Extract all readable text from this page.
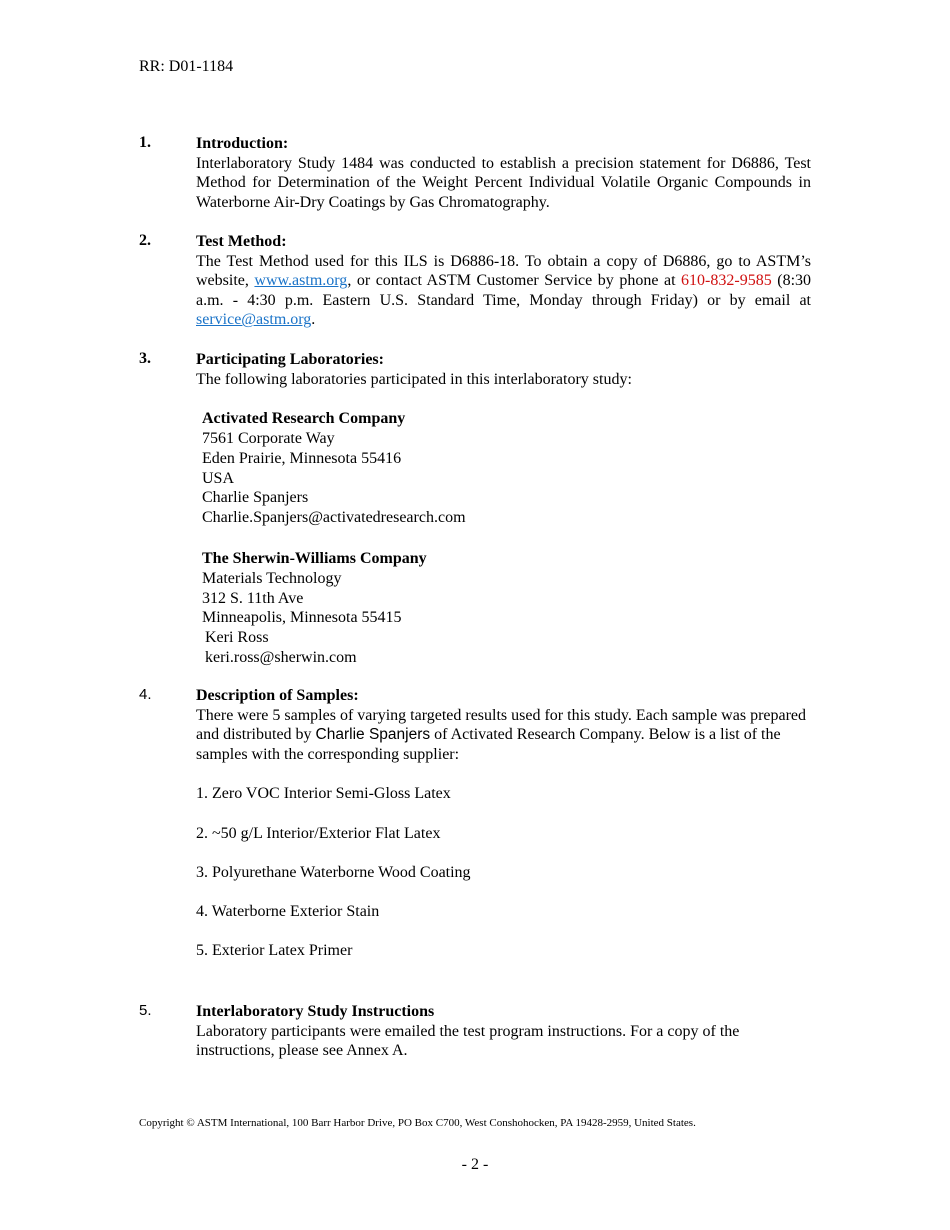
RR: D01-1184
1.	Introduction:
Interlaboratory Study 1484 was conducted to establish a precision statement for D6886, Test Method for Determination of the Weight Percent Individual Volatile Organic Compounds in Waterborne Air-Dry Coatings by Gas Chromatography.
2.	Test Method:
The Test Method used for this ILS is D6886-18. To obtain a copy of D6886, go to ASTM’s website, www.astm.org, or contact ASTM Customer Service by phone at 610-832-9585 (8:30 a.m. - 4:30 p.m. Eastern U.S. Standard Time, Monday through Friday) or by email at service@astm.org.
3.	Participating Laboratories:
The following laboratories participated in this interlaboratory study:
Activated Research Company
7561 Corporate Way
Eden Prairie, Minnesota 55416
USA
Charlie Spanjers
Charlie.Spanjers@activatedresearch.com
The Sherwin-Williams Company
Materials Technology
312 S. 11th Ave
Minneapolis, Minnesota 55415
Keri Ross
keri.ross@sherwin.com
4.	Description of Samples:
There were 5 samples of varying targeted results used for this study. Each sample was prepared and distributed by Charlie Spanjers of Activated Research Company. Below is a list of the samples with the corresponding supplier:
1. Zero VOC Interior Semi-Gloss Latex
2. ~50 g/L Interior/Exterior Flat Latex
3. Polyurethane Waterborne Wood Coating
4. Waterborne Exterior Stain
5. Exterior Latex Primer
5.	Interlaboratory Study Instructions
Laboratory participants were emailed the test program instructions. For a copy of the instructions, please see Annex A.
Copyright © ASTM International, 100 Barr Harbor Drive, PO Box C700, West Conshohocken, PA 19428-2959, United States.
- 2 -
